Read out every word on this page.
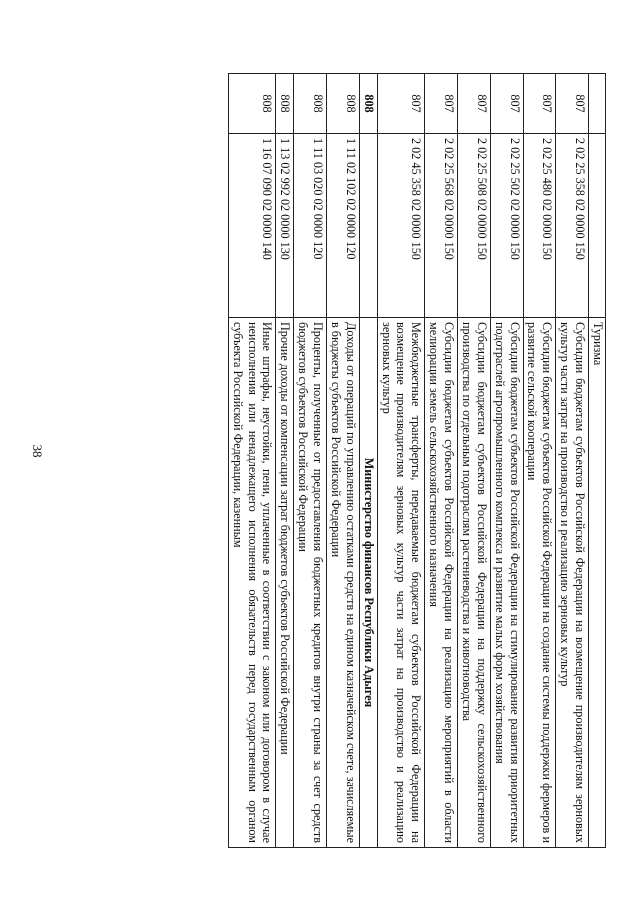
38
		Туризма
807	2 02 25 358 02 0000 150	Субсидии бюджетам субъектов Российской Федерации на возмещение производителям зерновых культур части затрат на производство и реализацию зерновых культур
807	2 02 25 480 02 0000 150	Субсидии бюджетам субъектов Российской Федерации на создание системы поддержки фермеров и развитие сельской кооперации
807	2 02 25 502 02 0000 150	Субсидии бюджетам субъектов Российской Федерации на стимулирование развития приоритетных подотраслей агропромышленного комплекса и развитие малых форм хозяйствования
807	2 02 25 508 02 0000 150	Субсидии бюджетам субъектов Российской Федерации на поддержку сельскохозяйственного производства по отдельным подотраслям растениеводства и животноводства
807	2 02 25 568 02 0000 150	Субсидии бюджетам субъектов Российской Федерации на реализацию мероприятий в области мелиорации земель сельскохозяйственного назначения
807	2 02 45 358 02 0000 150	Межбюджетные трансферты, передаваемые бюджетам субъектов Российской Федерации на возмещение производителям зерновых культур части затрат на производство и реализацию зерновых культур
808		Министерство финансов Республики Адыгея
808	1 11 02 102 02 0000 120	Доходы от операций по управлению остатками средств на едином казначейском счете, зачисляемые в бюджеты субъектов Российской Федерации
808	1 11 03 020 02 0000 120	Проценты, полученные от предоставления бюджетных кредитов внутри страны за счет средств бюджетов субъектов Российской Федерации
808	1 13 02 992 02 0000 130	Прочие доходы от компенсации затрат бюджетов субъектов Российской Федерации
808	1 16 07 090 02 0000 140	Иные штрафы, неустойки, пени, уплаченные в соответствии с законом или договором в случае неисполнения или ненадлежащего исполнения обязательств перед государственным органом субъекта Российской Федерации, казенным
